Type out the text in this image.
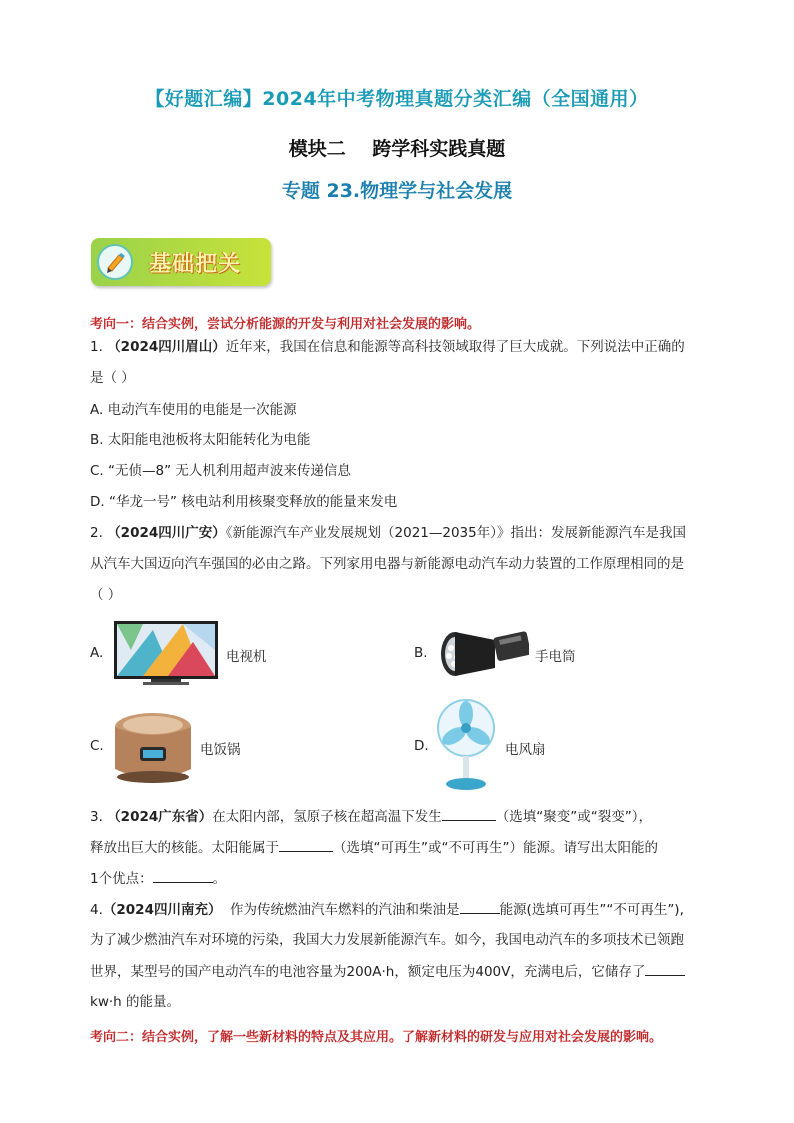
【好题汇编】2024年中考物理真题分类汇编（全国通用）
模块二    跨学科实践真题
专题 23.物理学与社会发展
基础把关
考向一：结合实例，尝试分析能源的开发与利用对社会发展的影响。
1. （2024四川眉山）近年来，我国在信息和能源等高科技领域取得了巨大成就。下列说法中正确的
是（ ）
A. 电动汽车使用的电能是一次能源
B. 太阳能电池板将太阳能转化为电能
C. “无侦—8” 无人机利用超声波来传递信息
D. “华龙一号” 核电站利用核聚变释放的能量来发电
2. （2024四川广安）《新能源汽车产业发展规划（2021—2035年）》指出：发展新能源汽车是我国
从汽车大国迈向汽车强国的必由之路。下列家用电器与新能源电动汽车动力装置的工作原理相同的是
（ ）
A.	电视机	B.	手电筒
C.	电饭锅	D.	电风扇
3. （2024广东省）在太阳内部，氢原子核在超高温下发生	（选填“聚变”或“裂变”），
释放出巨大的核能。太阳能属于	（选填“可再生”或“不可再生”）能源。请写出太阳能的
1个优点：	。
4.（2024四川南充）  作为传统燃油汽车燃料的汽油和柴油是	能源(选填可再生”“不可再生”),
为了减少燃油汽车对环境的污染，我国大力发展新能源汽车。如今，我国电动汽车的多项技术已领跑
世界，某型号的国产电动汽车的电池容量为200A·h，额定电压为400V，充满电后，它储存了
kw·h 的能量。
考向二：结合实例，了解一些新材料的特点及其应用。了解新材料的研发与应用对社会发展的影响。
